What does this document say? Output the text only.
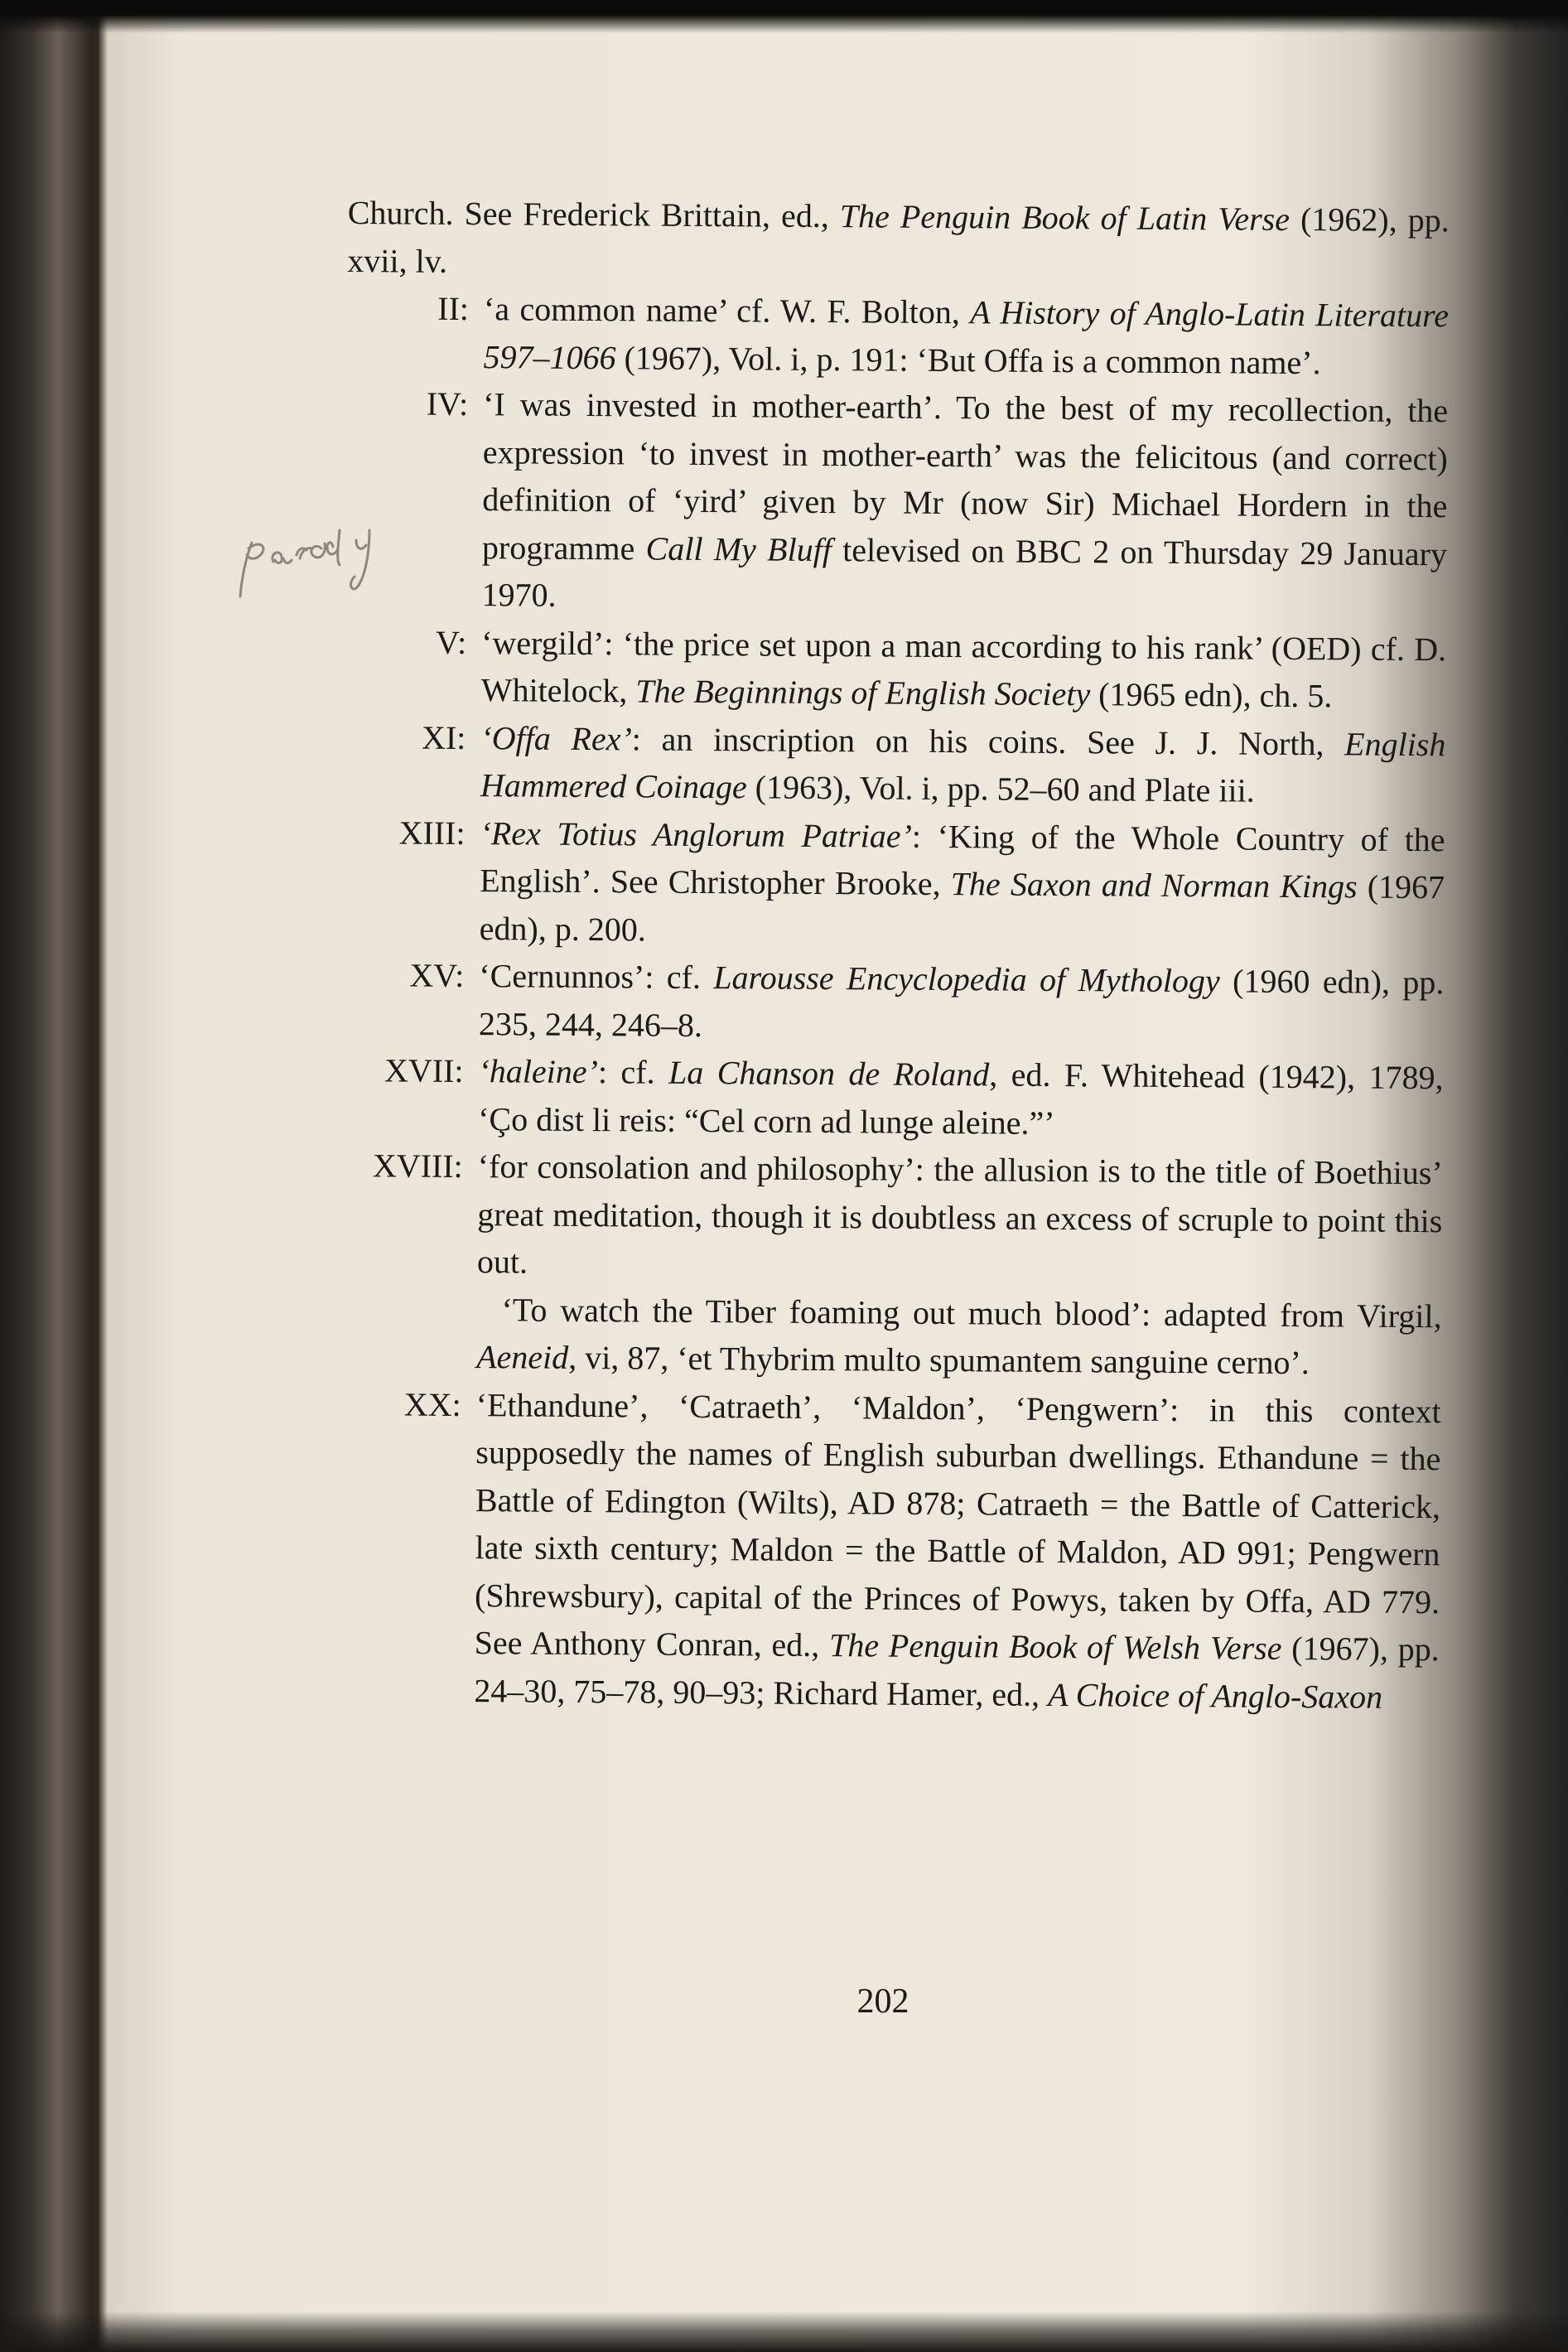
Church. See Frederick Brittain, ed., The Penguin Book of Latin Verse (1962), pp. xvii, lv.
II: ‘a common name’ cf. W. F. Bolton, A History of Anglo-Latin Literature 597–1066 (1967), Vol. i, p. 191: ‘But Offa is a common name’.
IV: ‘I was invested in mother-earth’. To the best of my recollection, the expression ‘to invest in mother-earth’ was the felicitous (and correct) definition of ‘yird’ given by Mr (now Sir) Michael Hordern in the programme Call My Bluff televised on BBC 2 on Thursday 29 January 1970.
V: ‘wergild’: ‘the price set upon a man according to his rank’ (OED) cf. D. Whitelock, The Beginnings of English Society (1965 edn), ch. 5.
XI: ‘Offa Rex’: an inscription on his coins. See J. J. North, English Hammered Coinage (1963), Vol. i, pp. 52–60 and Plate iii.
XIII: ‘Rex Totius Anglorum Patriae’: ‘King of the Whole Country of the English’. See Christopher Brooke, The Saxon and Norman Kings (1967 edn), p. 200.
XV: ‘Cernunnos’: cf. Larousse Encyclopedia of Mythology (1960 edn), pp. 235, 244, 246–8.
XVII: ‘haleine’: cf. La Chanson de Roland, ed. F. Whitehead (1942), 1789, ‘Ço dist li reis: “Cel corn ad lunge aleine.”’
XVIII: ‘for consolation and philosophy’: the allusion is to the title of Boethius’ great meditation, though it is doubtless an excess of scruple to point this out.
‘To watch the Tiber foaming out much blood’: adapted from Virgil, Aeneid, vi, 87, ‘et Thybrim multo spumantem sanguine cerno’.
XX: ‘Ethandune’, ‘Catraeth’, ‘Maldon’, ‘Pengwern’: in this context supposedly the names of English suburban dwellings. Ethandune = the Battle of Edington (Wilts), AD 878; Catraeth = the Battle of Catterick, late sixth century; Maldon = the Battle of Maldon, AD 991; Pengwern (Shrewsbury), capital of the Princes of Powys, taken by Offa, AD 779. See Anthony Conran, ed., The Penguin Book of Welsh Verse (1967), pp. 24–30, 75–78, 90–93; Richard Hamer, ed., A Choice of Anglo-Saxon
202
